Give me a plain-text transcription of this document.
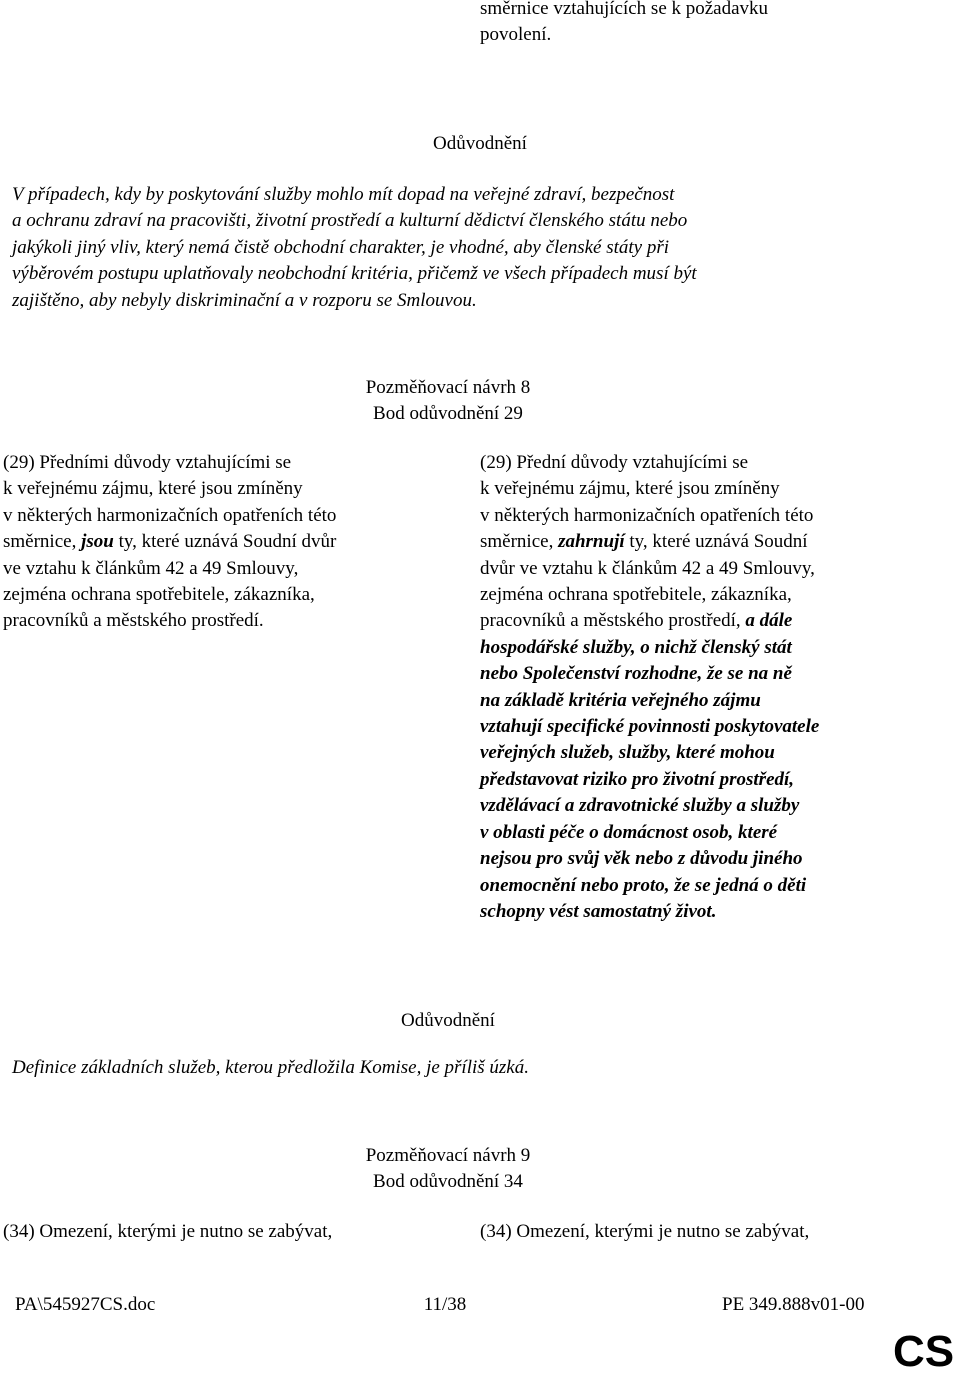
směrnice vztahujících se k požadavku

povolení.

Odůvodnění

V případech, kdy by poskytování služby mohlo mít dopad na veřejné zdraví, bezpečnost

a ochranu zdraví na pracovišti, životní prostředí a kulturní dědictví členského státu nebo

jakýkoli jiný vliv, který nemá čistě obchodní charakter, je vhodné, aby členské státy při

výběrovém postupu uplatňovaly neobchodní kritéria, přičemž ve všech případech musí být

zajištěno, aby nebyly diskriminační a v rozporu se Smlouvou.

Pozměňovací návrh 8

Bod odůvodnění 29

(29) Předními důvody vztahujícími se

k veřejnému zájmu, které jsou zmíněny

v některých harmonizačních opatřeních této

směrnice, jsou ty, které uznává Soudní dvůr

ve vztahu k článkům 42 a 49 Smlouvy,

zejména ochrana spotřebitele, zákazníka,

pracovníků a městského prostředí.

(29) Přední důvody vztahujícími se

k veřejnému zájmu, které jsou zmíněny

v některých harmonizačních opatřeních této

směrnice, zahrnují ty, které uznává Soudní

dvůr ve vztahu k článkům 42 a 49 Smlouvy,

zejména ochrana spotřebitele, zákazníka,

pracovníků a městského prostředí, a dále

hospodářské služby, o nichž členský stát

nebo Společenství rozhodne, že se na ně

na základě kritéria veřejného zájmu

vztahují specifické povinnosti poskytovatele

veřejných služeb, služby, které mohou

představovat riziko pro životní prostředí,

vzdělávací a zdravotnické služby a služby

v oblasti péče o domácnost osob, které

nejsou pro svůj věk nebo z důvodu jiného

onemocnění nebo proto, že se jedná o děti

schopny vést samostatný život.

Odůvodnění
Definice základních služeb, kterou předložila Komise, je příliš úzká.

Pozměňovací návrh 9

Bod odůvodnění 34

(34) Omezení, kterými je nutno se zabývat,	(34) Omezení, kterými je nutno se zabývat,
PA\545927CS.doc	11/38	PE 349.888v01-00
CS
